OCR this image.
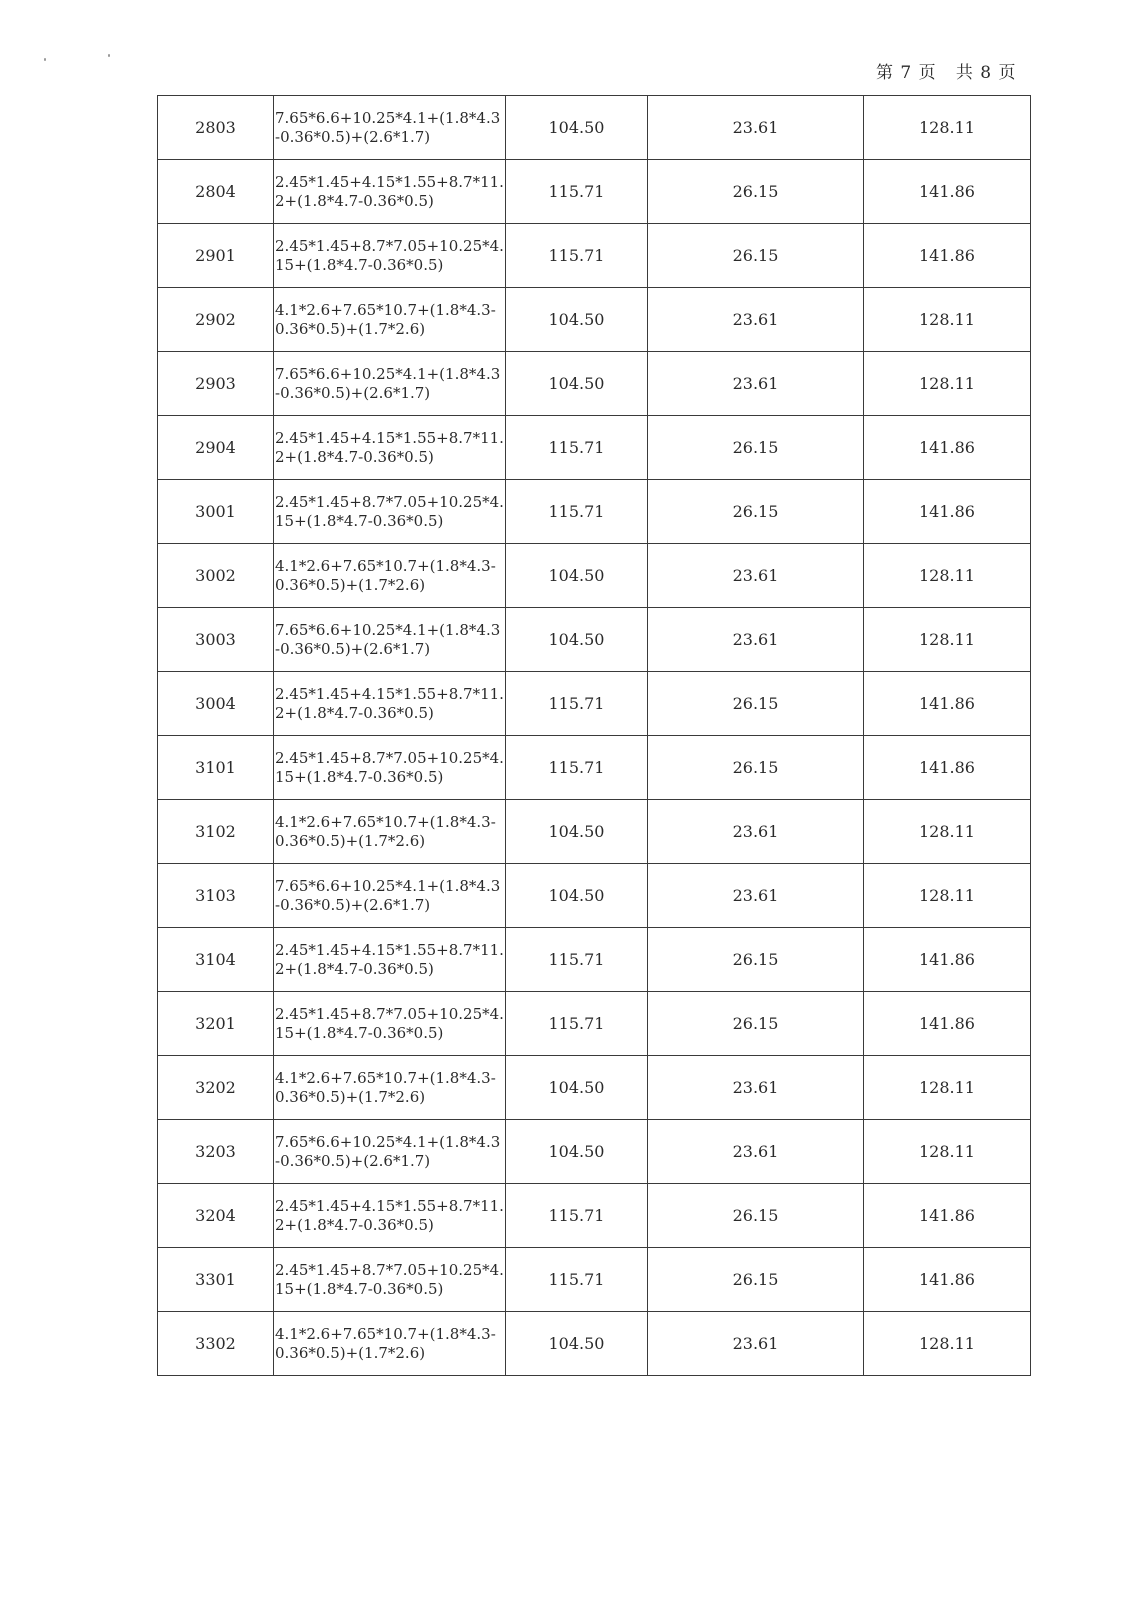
第 7 页   共 8 页
2803	7.65*6.6+10.25*4.1+(1.8*4.3-0.36*0.5)+(2.6*1.7)	104.50	23.61	128.11
2804	2.45*1.45+4.15*1.55+8.7*11.2+(1.8*4.7-0.36*0.5)	115.71	26.15	141.86
2901	2.45*1.45+8.7*7.05+10.25*4.15+(1.8*4.7-0.36*0.5)	115.71	26.15	141.86
2902	4.1*2.6+7.65*10.7+(1.8*4.3-0.36*0.5)+(1.7*2.6)	104.50	23.61	128.11
2903	7.65*6.6+10.25*4.1+(1.8*4.3-0.36*0.5)+(2.6*1.7)	104.50	23.61	128.11
2904	2.45*1.45+4.15*1.55+8.7*11.2+(1.8*4.7-0.36*0.5)	115.71	26.15	141.86
3001	2.45*1.45+8.7*7.05+10.25*4.15+(1.8*4.7-0.36*0.5)	115.71	26.15	141.86
3002	4.1*2.6+7.65*10.7+(1.8*4.3-0.36*0.5)+(1.7*2.6)	104.50	23.61	128.11
3003	7.65*6.6+10.25*4.1+(1.8*4.3-0.36*0.5)+(2.6*1.7)	104.50	23.61	128.11
3004	2.45*1.45+4.15*1.55+8.7*11.2+(1.8*4.7-0.36*0.5)	115.71	26.15	141.86
3101	2.45*1.45+8.7*7.05+10.25*4.15+(1.8*4.7-0.36*0.5)	115.71	26.15	141.86
3102	4.1*2.6+7.65*10.7+(1.8*4.3-0.36*0.5)+(1.7*2.6)	104.50	23.61	128.11
3103	7.65*6.6+10.25*4.1+(1.8*4.3-0.36*0.5)+(2.6*1.7)	104.50	23.61	128.11
3104	2.45*1.45+4.15*1.55+8.7*11.2+(1.8*4.7-0.36*0.5)	115.71	26.15	141.86
3201	2.45*1.45+8.7*7.05+10.25*4.15+(1.8*4.7-0.36*0.5)	115.71	26.15	141.86
3202	4.1*2.6+7.65*10.7+(1.8*4.3-0.36*0.5)+(1.7*2.6)	104.50	23.61	128.11
3203	7.65*6.6+10.25*4.1+(1.8*4.3-0.36*0.5)+(2.6*1.7)	104.50	23.61	128.11
3204	2.45*1.45+4.15*1.55+8.7*11.2+(1.8*4.7-0.36*0.5)	115.71	26.15	141.86
3301	2.45*1.45+8.7*7.05+10.25*4.15+(1.8*4.7-0.36*0.5)	115.71	26.15	141.86
3302	4.1*2.6+7.65*10.7+(1.8*4.3-0.36*0.5)+(1.7*2.6)	104.50	23.61	128.11
